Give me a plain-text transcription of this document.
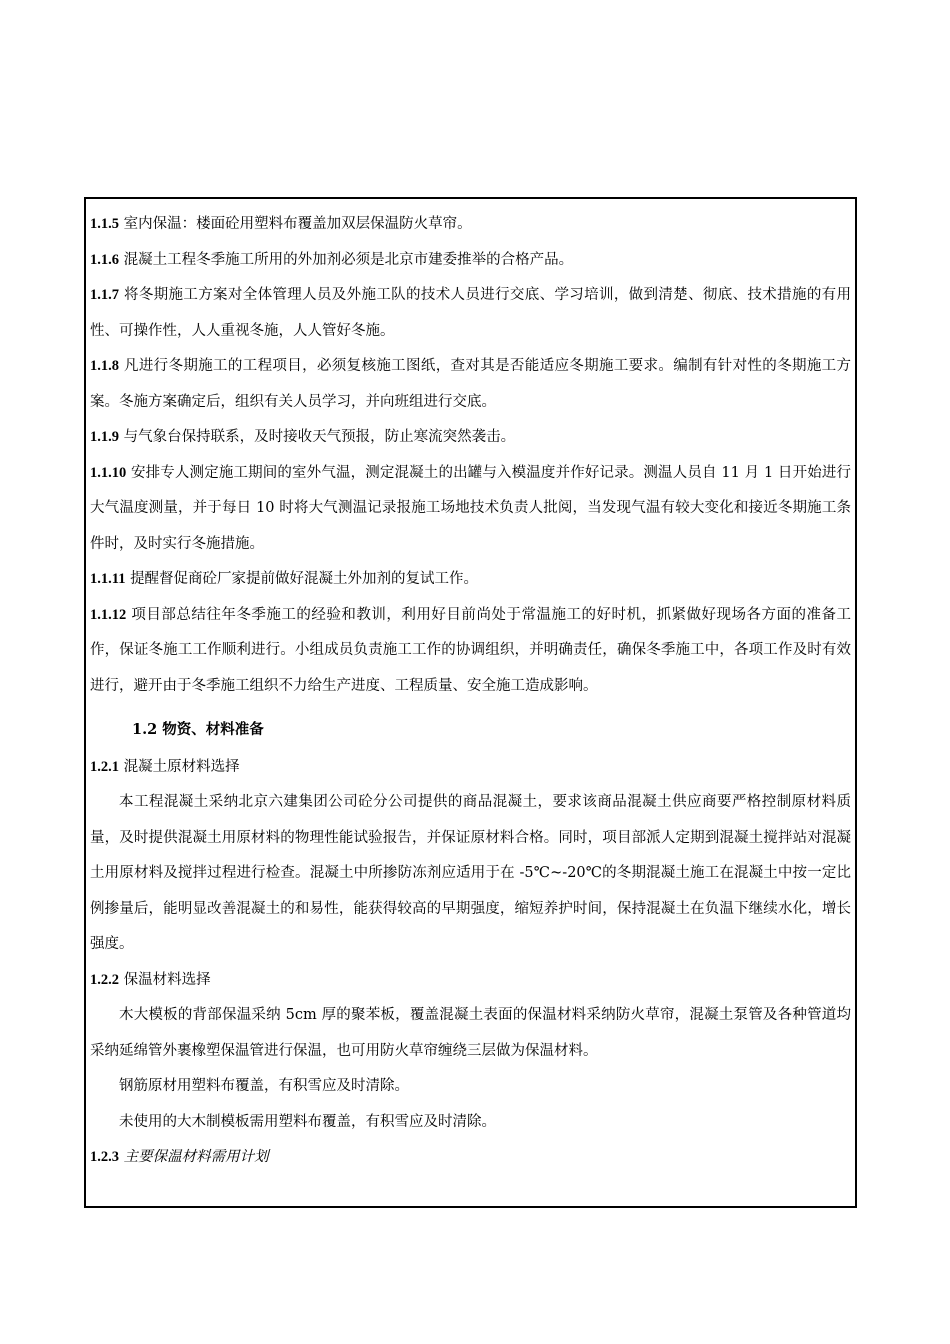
1.1.5 室内保温：楼面砼用塑料布覆盖加双层保温防火草帘。

1.1.6 混凝土工程冬季施工所用的外加剂必须是北京市建委推举的合格产品。

1.1.7 将冬期施工方案对全体管理人员及外施工队的技术人员进行交底、学习培训，做到清楚、彻底、技术措施的有用性、可操作性，人人重视冬施，人人管好冬施。

1.1.8 凡进行冬期施工的工程项目，必须复核施工图纸，查对其是否能适应冬期施工要求。编制有针对性的冬期施工方案。冬施方案确定后，组织有关人员学习，并向班组进行交底。

1.1.9 与气象台保持联系，及时接收天气预报，防止寒流突然袭击。

1.1.10 安排专人测定施工期间的室外气温，测定混凝土的出罐与入模温度并作好记录。测温人员自 11 月 1 日开始进行大气温度测量，并于每日 10 时将大气测温记录报施工场地技术负责人批阅，当发现气温有较大变化和接近冬期施工条件时，及时实行冬施措施。

1.1.11 提醒督促商砼厂家提前做好混凝土外加剂的复试工作。

1.1.12 项目部总结往年冬季施工的经验和教训，利用好目前尚处于常温施工的好时机，抓紧做好现场各方面的准备工作，保证冬施工工作顺利进行。小组成员负责施工工作的协调组织，并明确责任，确保冬季施工中，各项工作及时有效进行，避开由于冬季施工组织不力给生产进度、工程质量、安全施工造成影响。

1.2 物资、材料准备

1.2.1 混凝土原材料选择

本工程混凝土采纳北京六建集团公司砼分公司提供的商品混凝土，要求该商品混凝土供应商要严格控制原材料质量，及时提供混凝土用原材料的物理性能试验报告，并保证原材料合格。同时，项目部派人定期到混凝土搅拌站对混凝土用原材料及搅拌过程进行检查。混凝土中所掺防冻剂应适用于在 -5℃~-20℃的冬期混凝土施工在混凝土中按一定比例掺量后，能明显改善混凝土的和易性，能获得较高的早期强度，缩短养护时间，保持混凝土在负温下继续水化，增长强度。

1.2.2 保温材料选择

木大模板的背部保温采纳 5cm 厚的聚苯板，覆盖混凝土表面的保温材料采纳防火草帘，混凝土泵管及各种管道均采纳延绵管外裹橡塑保温管进行保温，也可用防火草帘缠绕三层做为保温材料。

钢筋原材用塑料布覆盖，有积雪应及时清除。

未使用的大木制模板需用塑料布覆盖，有积雪应及时清除。

1.2.3 主要保温材料需用计划
